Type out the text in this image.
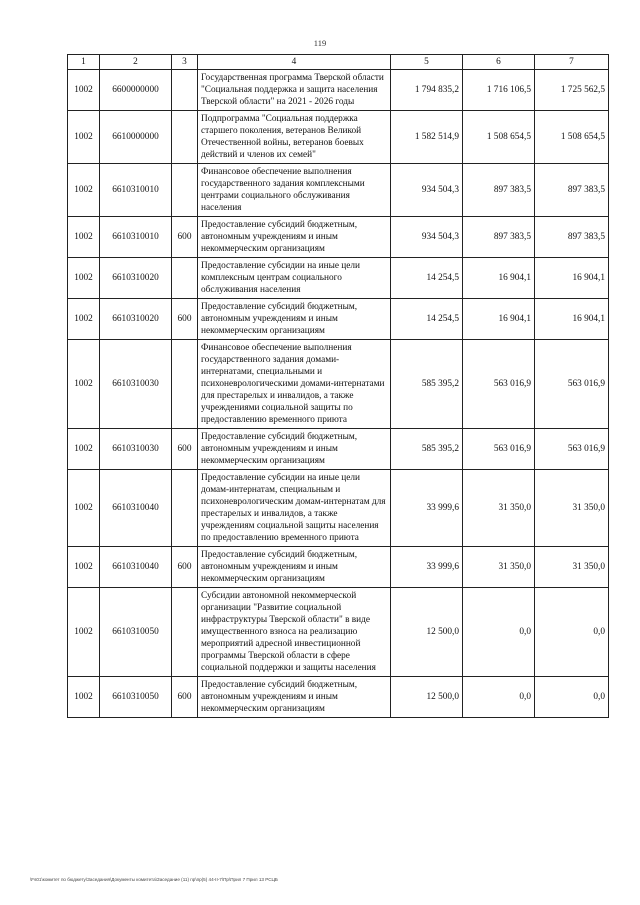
119
1	2	3	4	5	6	7
1002	6600000000		Государственная программа Тверской области "Социальная поддержка и защита населения Тверской области" на 2021 - 2026 годы	1 794 835,2	1 716 106,5	1 725 562,5
1002	6610000000		Подпрограмма "Социальная поддержка старшего поколения, ветеранов Великой Отечественной войны, ветеранов боевых действий и членов их семей"	1 582 514,9	1 508 654,5	1 508 654,5
1002	6610310010		Финансовое обеспечение выполнения государственного задания комплексными центрами социального обслуживания населения	934 504,3	897 383,5	897 383,5
1002	6610310010	600	Предоставление субсидий бюджетным, автономным учреждениям и иным некоммерческим организациям	934 504,3	897 383,5	897 383,5
1002	6610310020		Предоставление субсидии на иные цели комплексным центрам социального обслуживания населения	14 254,5	16 904,1	16 904,1
1002	6610310020	600	Предоставление субсидий бюджетным, автономным учреждениям и иным некоммерческим организациям	14 254,5	16 904,1	16 904,1
1002	6610310030		Финансовое обеспечение выполнения государственного задания домами-интернатами, специальными и психоневрологическими домами-интернатами для престарелых и инвалидов, а также учреждениями социальной защиты по предоставлению временного приюта	585 395,2	563 016,9	563 016,9
1002	6610310030	600	Предоставление субсидий бюджетным, автономным учреждениям и иным некоммерческим организациям	585 395,2	563 016,9	563 016,9
1002	6610310040		Предоставление субсидии на иные цели домам-интернатам, специальным и психоневрологическим домам-интернатам для престарелых и инвалидов, а также учреждениям социальной защиты населения по предоставлению временного приюта	33 999,6	31 350,0	31 350,0
1002	6610310040	600	Предоставление субсидий бюджетным, автономным учреждениям и иным некоммерческим организациям	33 999,6	31 350,0	31 350,0
1002	6610310050		Субсидии автономной некоммерческой организации "Развитие социальной инфраструктуры Тверской области" в виде имущественного взноса на реализацию мероприятий адресной инвестиционной программы Тверской области в сфере социальной поддержки и защиты населения	12 500,0	0,0	0,0
1002	6610310050	600	Предоставление субсидий бюджетным, автономным учреждениям и иным некоммерческим организациям	12 500,0	0,0	0,0
\Fs01\комитет по бюджету\Заседания\Документы комитета\Заседание (11) пр\пр(5) 44-II-7\Пр\Прил 7 Прил 13 РСЦБ
